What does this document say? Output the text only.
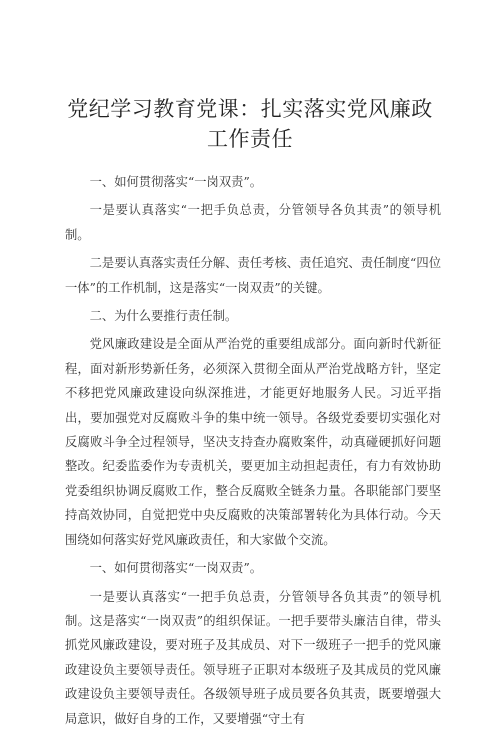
党纪学习教育党课：扎实落实党风廉政工作责任

一、如何贯彻落实“一岗双责”。

一是要认真落实“一把手负总责，分管领导各负其责”的领导机制。

二是要认真落实责任分解、责任考核、责任追究、责任制度“四位一体”的工作机制，这是落实“一岗双责”的关键。

二、为什么要推行责任制。

党风廉政建设是全面从严治党的重要组成部分。面向新时代新征程，面对新形势新任务，必须深入贯彻全面从严治党战略方针，坚定不移把党风廉政建设向纵深推进，才能更好地服务人民。习近平指出，要加强党对反腐败斗争的集中统一领导。各级党委要切实强化对反腐败斗争全过程领导，坚决支持查办腐败案件，动真碰硬抓好问题整改。纪委监委作为专责机关，要更加主动担起责任，有力有效协助党委组织协调反腐败工作，整合反腐败全链条力量。各职能部门要坚持高效协同，自觉把党中央反腐败的决策部署转化为具体行动。今天围绕如何落实好党风廉政责任，和大家做个交流。

一、如何贯彻落实“一岗双责”。

一是要认真落实“一把手负总责，分管领导各负其责”的领导机制。这是落实“一岗双责”的组织保证。一把手要带头廉洁自律，带头抓党风廉政建设，要对班子及其成员、对下一级班子一把手的党风廉政建设负主要领导责任。领导班子正职对本级班子及其成员的党风廉政建设负主要领导责任。各级领导班子成员要各负其责，既要增强大局意识，做好自身的工作，又要增强“守土有
